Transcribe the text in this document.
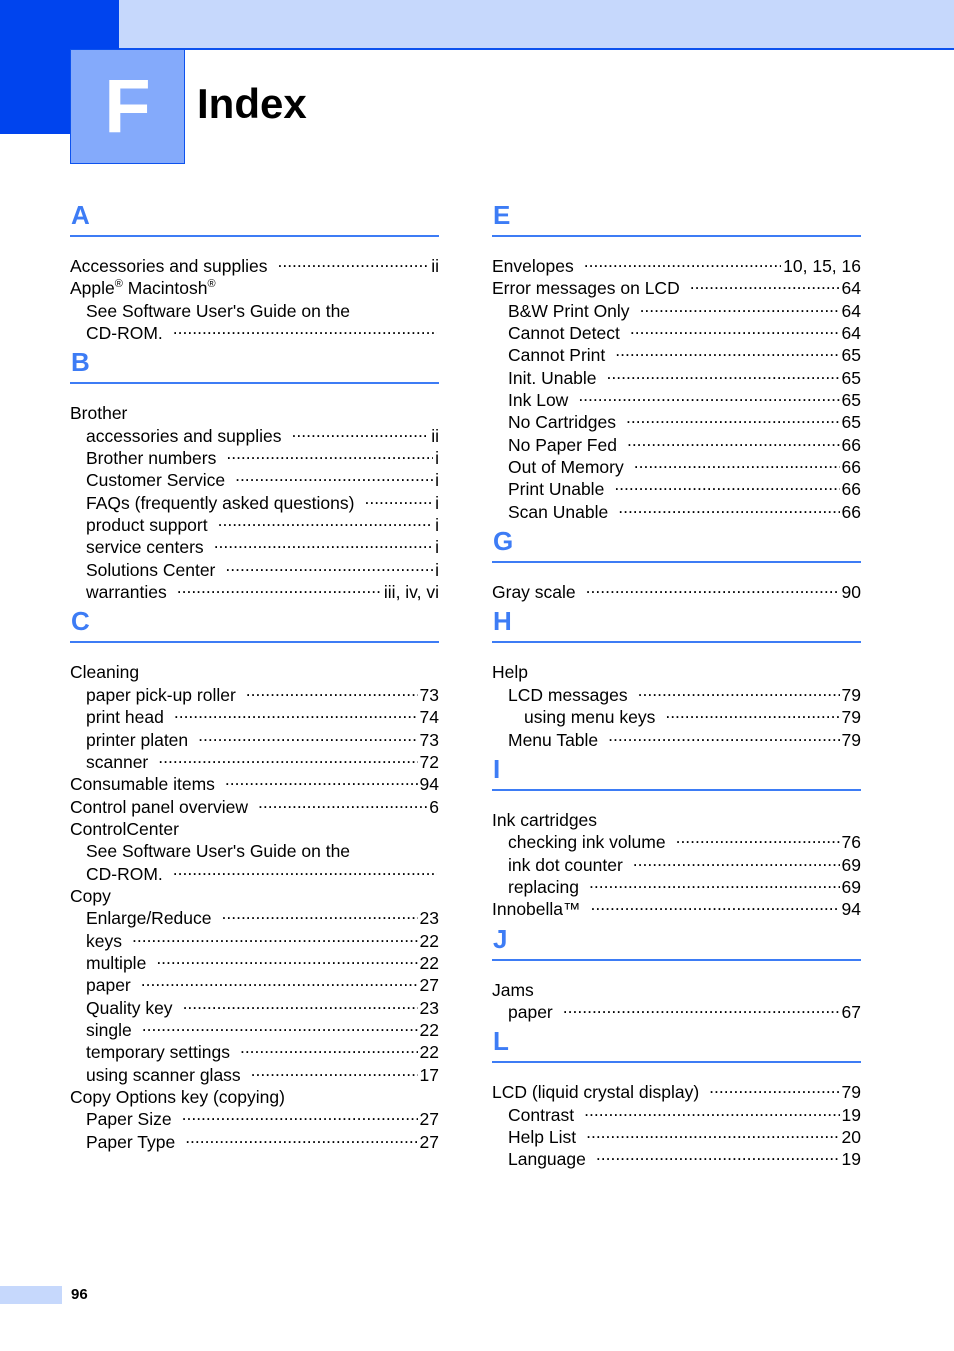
F Index
A
Accessories and supplies .....	ii
Apple® Macintosh®
See Software User's Guide on the
CD-ROM.
.....
B
Brother
accessories and supplies .....	ii
Brother numbers .....	i
Customer Service .....	i
FAQs (frequently asked questions) .....	i
product support .....	i
service centers .....	i
Solutions Center .....	i
warranties .....	iii, iv, vi
C
Cleaning
paper pick-up roller .....	73
print head .....	74
printer platen .....	73
scanner .....	72
Consumable items .....	94
Control panel overview .....	6
ControlCenter
See Software User's Guide on the
CD-ROM.
.....
Copy
Enlarge/Reduce .....	23
keys .....	22
multiple .....	22
paper .....	27
Quality key .....	23
single .....	22
temporary settings .....	22
using scanner glass .....	17
Copy Options key (copying)
Paper Size .....	27
Paper Type .....	27
E
Envelopes .....	10, 15, 16
Error messages on LCD .....	64
B&W Print Only .....	64
Cannot Detect .....	64
Cannot Print .....	65
Init. Unable .....	65
Ink Low .....	65
No Cartridges .....	65
No Paper Fed .....	66
Out of Memory .....	66
Print Unable .....	66
Scan Unable .....	66
G
Gray scale .....	90
H
Help
LCD messages .....	79
using menu keys .....	79
Menu Table .....	79
I
Ink cartridges
checking ink volume .....	76
ink dot counter .....	69
replacing .....	69
Innobella™ .....	94
J
Jams
paper .....	67
L
LCD (liquid crystal display) .....	79
Contrast .....	19
Help List .....	20
Language .....	19
96
